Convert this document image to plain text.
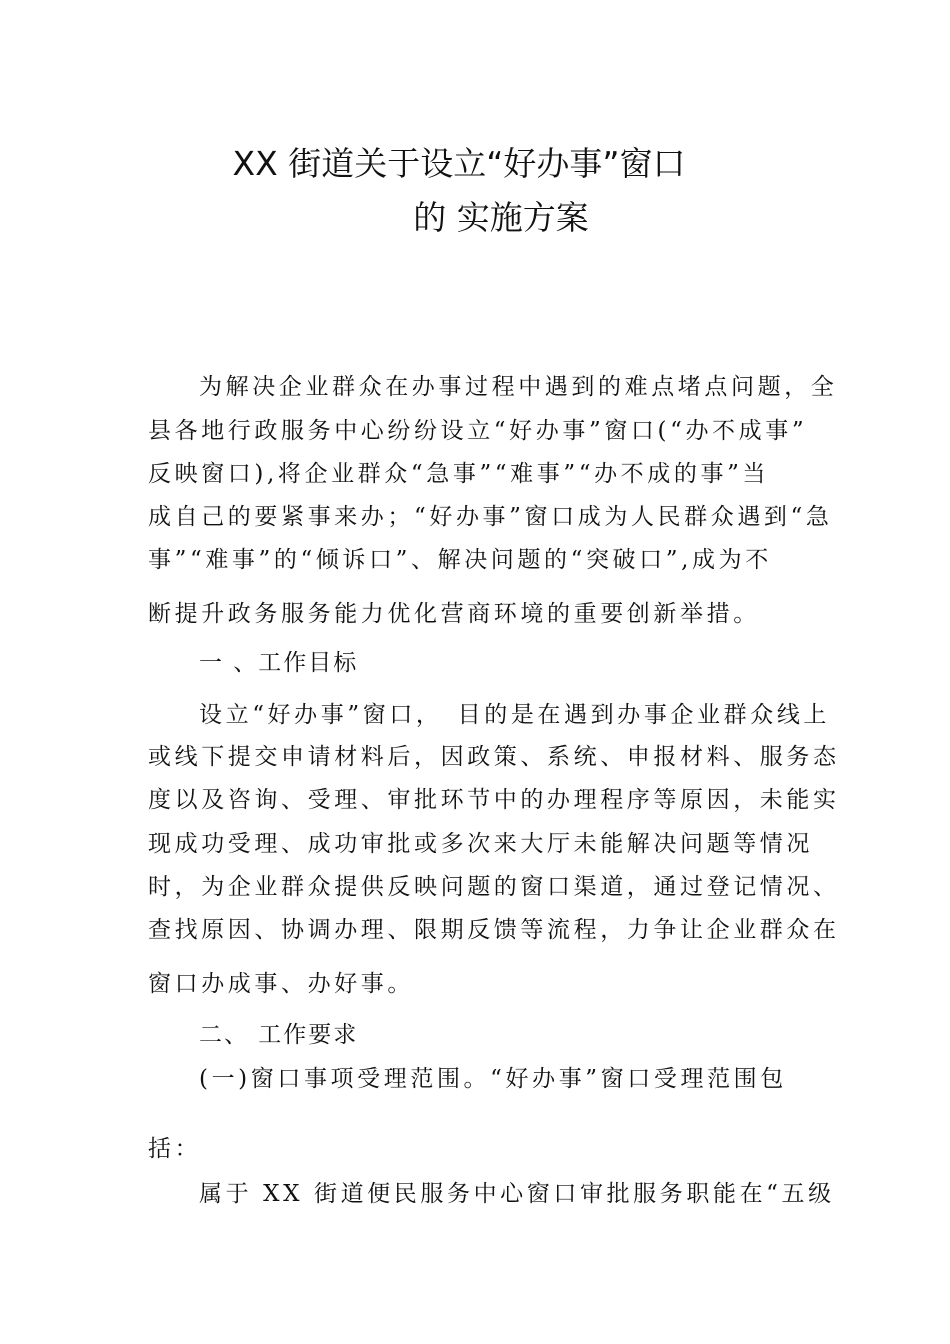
XX 街道关于设立“好办事”窗口
的 实施方案
为解决企业群众在办事过程中遇到的难点堵点问题，全
县各地行政服务中心纷纷设立“好办事”窗口(“办不成事”
反映窗口),将企业群众“急事”“难事”“办不成的事”当
成自己的要紧事来办；“好办事”窗口成为人民群众遇到“急
事”“难事”的“倾诉口”、解决问题的“突破口”,成为不
断提升政务服务能力优化营商环境的重要创新举措。
一 、工作目标
设立“好办事”窗口，　目的是在遇到办事企业群众线上
或线下提交申请材料后，因政策、系统、申报材料、服务态
度以及咨询、受理、审批环节中的办理程序等原因，未能实
现成功受理、成功审批或多次来大厅未能解决问题等情况
时，为企业群众提供反映问题的窗口渠道，通过登记情况、
查找原因、协调办理、限期反馈等流程，力争让企业群众在
窗口办成事、办好事。
二、 工作要求
(一)窗口事项受理范围。“好办事”窗口受理范围包
括：
属于 XX 街道便民服务中心窗口审批服务职能在“五级
